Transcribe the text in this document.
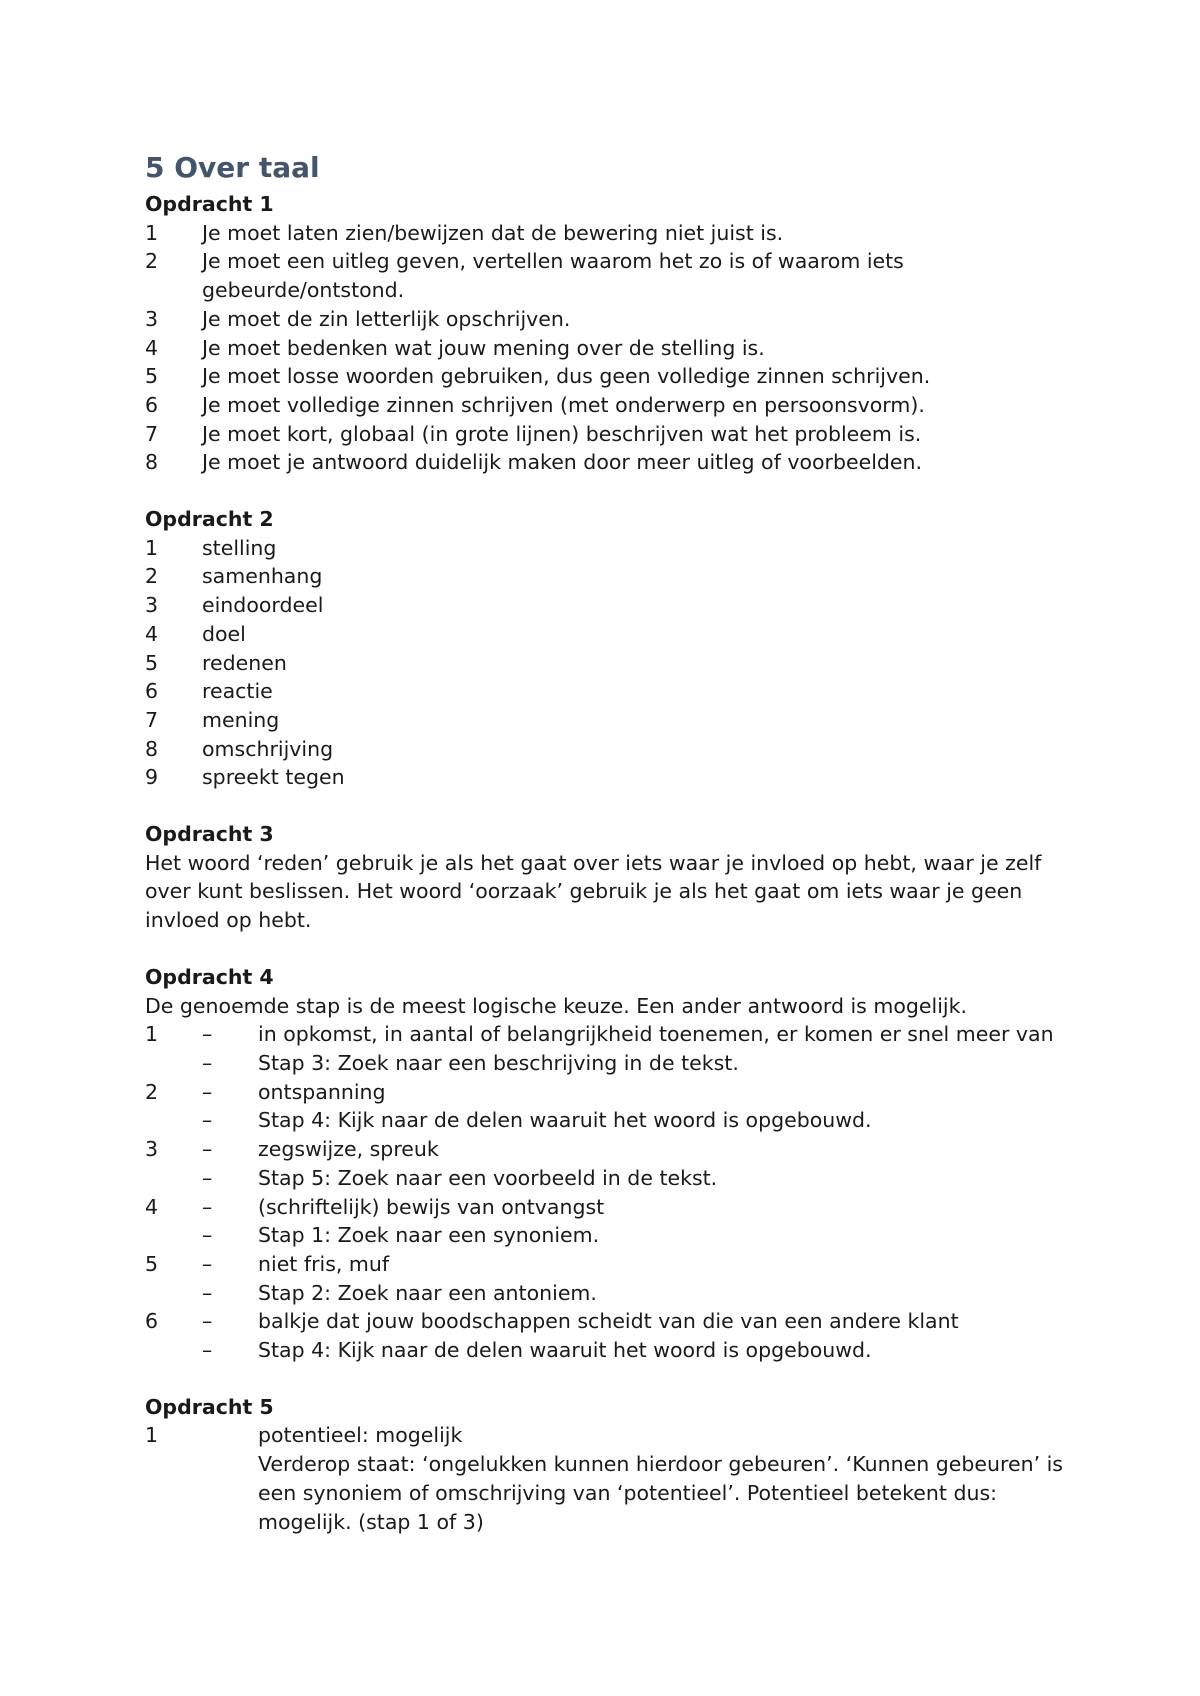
5 Over taal

Opdracht 1

1	Je moet laten zien/bewijzen dat de bewering niet juist is.
2	Je moet een uitleg geven, vertellen waarom het zo is of waarom iets gebeurde/ontstond.
3	Je moet de zin letterlijk opschrijven.
4	Je moet bedenken wat jouw mening over de stelling is.
5	Je moet losse woorden gebruiken, dus geen volledige zinnen schrijven.
6	Je moet volledige zinnen schrijven (met onderwerp en persoonsvorm).
7	Je moet kort, globaal (in grote lijnen) beschrijven wat het probleem is.
8	Je moet je antwoord duidelijk maken door meer uitleg of voorbeelden.

Opdracht 2

1	stelling
2	samenhang
3	eindoordeel
4	doel
5	redenen
6	reactie
7	mening
8	omschrijving
9	spreekt tegen

Opdracht 3

Het woord ‘reden’ gebruik je als het gaat over iets waar je invloed op hebt, waar je zelf over kunt beslissen. Het woord ‘oorzaak’ gebruik je als het gaat om iets waar je geen invloed op hebt.

Opdracht 4

De genoemde stap is de meest logische keuze. Een ander antwoord is mogelijk.

1	–	in opkomst, in aantal of belangrijkheid toenemen, er komen er snel meer van
–	Stap 3: Zoek naar een beschrijving in de tekst.
2	–	ontspanning
–	Stap 4: Kijk naar de delen waaruit het woord is opgebouwd.
3	–	zegswijze, spreuk
–	Stap 5: Zoek naar een voorbeeld in de tekst.
4	–	(schriftelijk) bewijs van ontvangst
–	Stap 1: Zoek naar een synoniem.
5	–	niet fris, muf
–	Stap 2: Zoek naar een antoniem.
6	–	balkje dat jouw boodschappen scheidt van die van een andere klant
–	Stap 4: Kijk naar de delen waaruit het woord is opgebouwd.

Opdracht 5

1	potentieel: mogelijk
Verderop staat: ‘ongelukken kunnen hierdoor gebeuren’. ‘Kunnen gebeuren’ is een synoniem of omschrijving van ‘potentieel’. Potentieel betekent dus: mogelijk. (stap 1 of 3)
